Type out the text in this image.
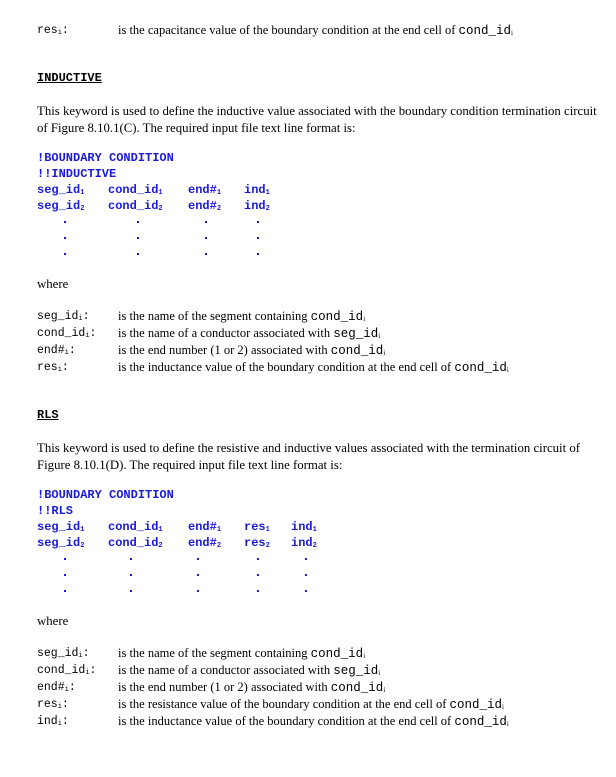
res$_i$:	is the capacitance value of the boundary condition at the end cell of $cond\_id_i$
INDUCTIVE
This keyword is used to define the inductive value associated with the boundary condition termination circuit of Figure 8.10.1(C). The required input file text line format is:
!BOUNDARY CONDITION
!!INDUCTIVE
$seg\_id_1$ $cond\_id_1$ $end\#_1$ ind$_1$
$seg\_id_2$ $cond\_id_2$ $end\#_2$ ind$_2$
where
$seg\_id_i$: is the name of the segment containing $cond\_id_i$
$cond\_id_i$: is the name of a conductor associated with $seg\_id_i$
$end\#_i$:	is the end number (1 or 2) associated with $cond\_id_i$
res$_i$:	is the inductance value of the boundary condition at the end cell of $cond\_id_i$
RLS
This keyword is used to define the resistive and inductive values associated with the termination circuit of Figure 8.10.1(D). The required input file text line format is:
!BOUNDARY CONDITION
!!RLS
$seg\_id_1$ $cond\_id_1$ $end\#_1$ res$_1$ ind$_1$
$seg\_id_2$ $cond\_id_2$ $end\#_2$ res$_2$ ind$_2$
where
$seg\_id_i$: is the name of the segment containing $cond\_id_i$
$cond\_id_i$: is the name of a conductor associated with $seg\_id_i$
$end\#_i$:	is the end number (1 or 2) associated with $cond\_id_i$
res$_i$:	is the resistance value of the boundary condition at the end cell of $cond\_id_i$
ind$_i$:	is the inductance value of the boundary condition at the end cell of $cond\_id_i$
